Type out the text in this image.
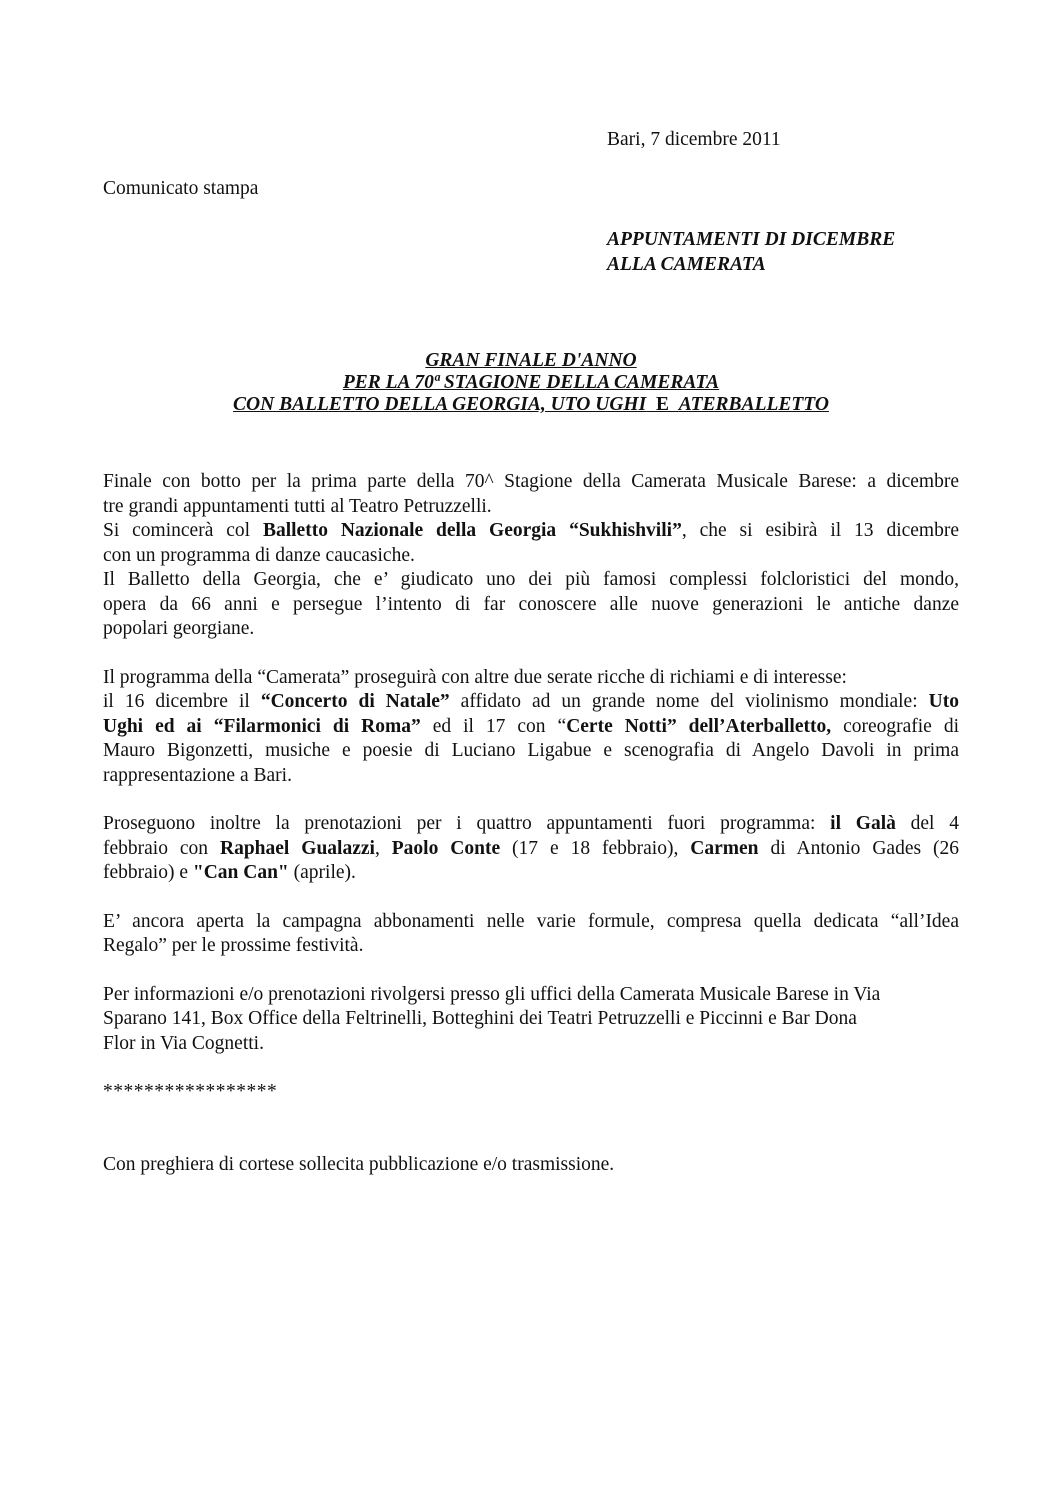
Bari, 7 dicembre 2011
Comunicato stampa
APPUNTAMENTI DI DICEMBRE
ALLA CAMERATA
GRAN FINALE D'ANNO
PER LA 70ª STAGIONE DELLA CAMERATA
CON BALLETTO DELLA GEORGIA, UTO UGHI E ATERBALLETTO
Finale con botto per la prima parte della 70^ Stagione della Camerata Musicale Barese: a dicembre
tre grandi appuntamenti tutti al Teatro Petruzzelli.
Si comincerà col Balletto Nazionale della Georgia “Sukhishvili”, che si esibirà il 13 dicembre
con un programma di danze caucasiche.
Il Balletto della Georgia, che e’ giudicato uno dei più famosi complessi folcloristici del mondo,
opera da 66 anni e persegue l’intento di far conoscere alle nuove generazioni le antiche danze
popolari georgiane.
Il programma della “Camerata” proseguirà con altre due serate ricche di richiami e di interesse:
il 16 dicembre il “Concerto di Natale” affidato ad un grande nome del violinismo mondiale: Uto
Ughi ed ai “Filarmonici di Roma” ed il 17 con “Certe Notti” dell’Aterballetto, coreografie di
Mauro Bigonzetti, musiche e poesie di Luciano Ligabue e scenografia di Angelo Davoli in prima
rappresentazione a Bari.
Proseguono inoltre la prenotazioni per i quattro appuntamenti fuori programma: il Galà del 4
febbraio con Raphael Gualazzi, Paolo Conte (17 e 18 febbraio), Carmen di Antonio Gades (26
febbraio) e "Can Can" (aprile).
E’ ancora aperta la campagna abbonamenti nelle varie formule, compresa quella dedicata “all’Idea
Regalo” per le prossime festività.
Per informazioni e/o prenotazioni rivolgersi presso gli uffici della Camerata Musicale Barese in Via
Sparano 141, Box Office della Feltrinelli, Botteghini dei Teatri Petruzzelli e Piccinni e Bar Dona
Flor in Via Cognetti.
*****************
Con preghiera di cortese sollecita pubblicazione e/o trasmissione.
